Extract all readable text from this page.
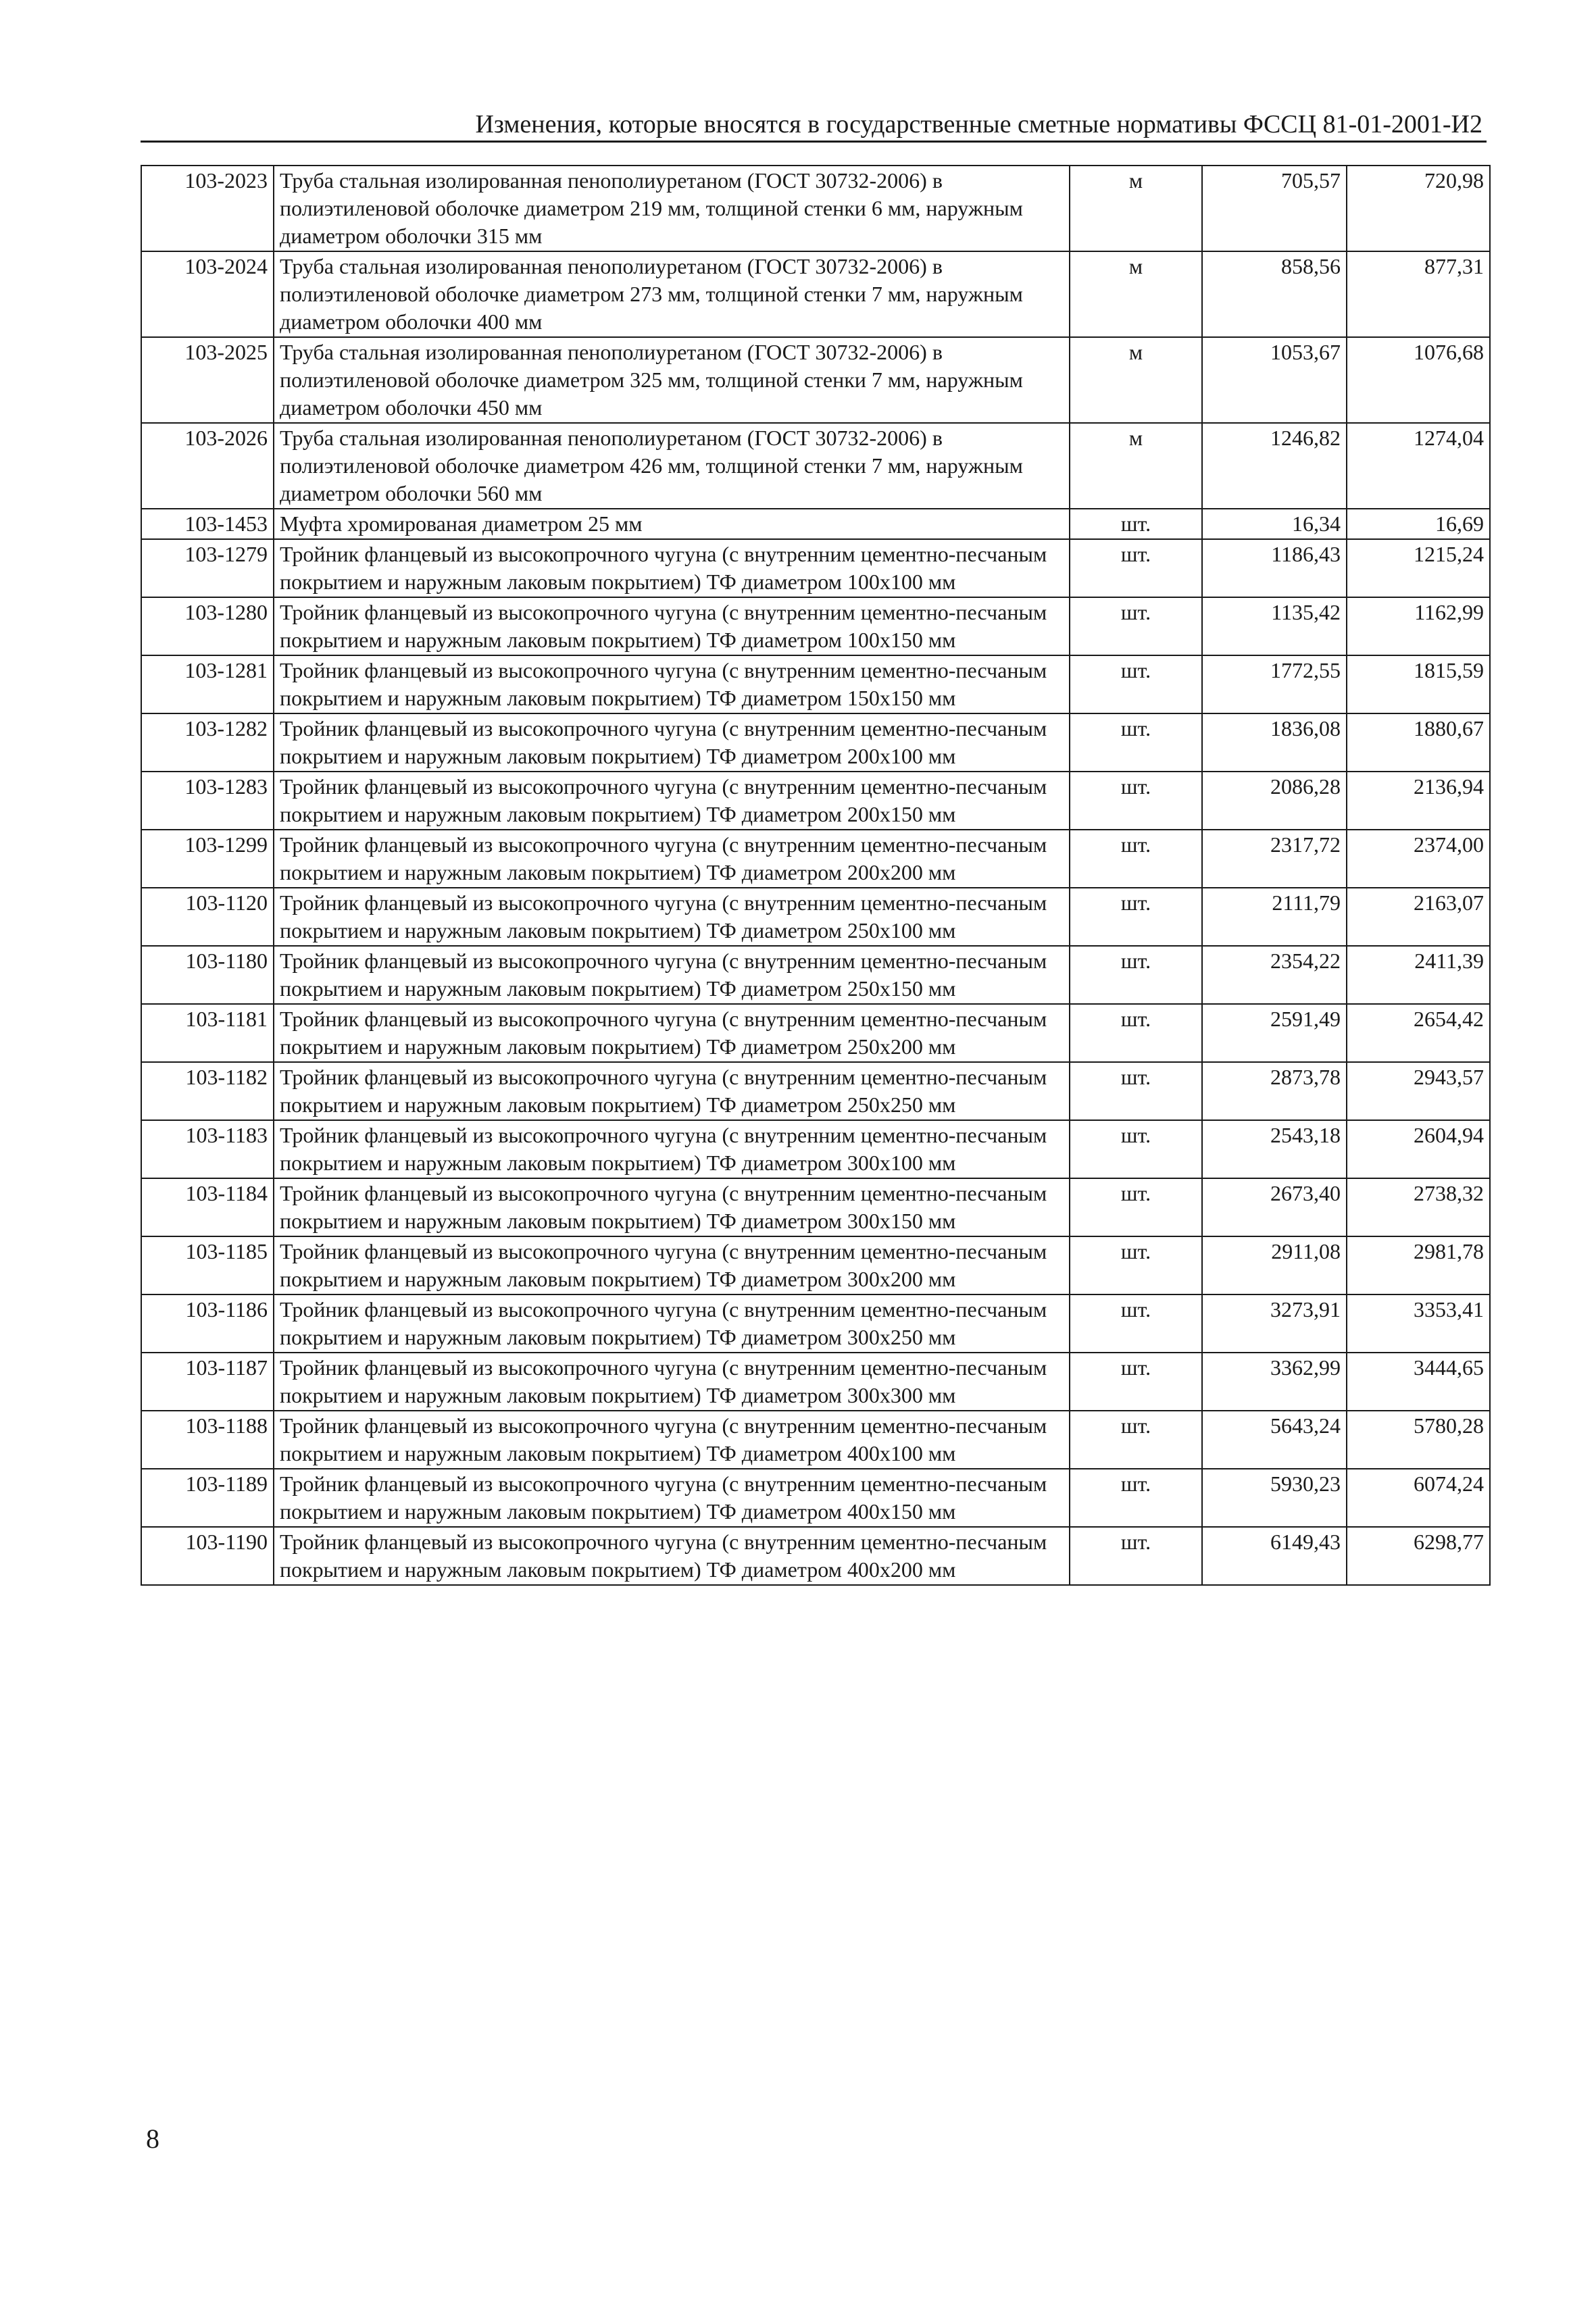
Изменения, которые вносятся в государственные сметные нормативы ФССЦ 81-01-2001-И2
103-2023	Труба стальная изолированная пенополиуретаном (ГОСТ 30732-2006) в полиэтиленовой оболочке диаметром 219 мм, толщиной стенки 6 мм, наружным диаметром оболочки 315 мм	м	705,57	720,98
103-2024	Труба стальная изолированная пенополиуретаном (ГОСТ 30732-2006) в полиэтиленовой оболочке диаметром 273 мм, толщиной стенки 7 мм, наружным диаметром оболочки 400 мм	м	858,56	877,31
103-2025	Труба стальная изолированная пенополиуретаном (ГОСТ 30732-2006) в полиэтиленовой оболочке диаметром 325 мм, толщиной стенки 7 мм, наружным диаметром оболочки 450 мм	м	1053,67	1076,68
103-2026	Труба стальная изолированная пенополиуретаном (ГОСТ 30732-2006) в полиэтиленовой оболочке диаметром 426 мм, толщиной стенки 7 мм, наружным диаметром оболочки 560 мм	м	1246,82	1274,04
103-1453	Муфта хромированая диаметром 25 мм	шт.	16,34	16,69
103-1279	Тройник фланцевый из высокопрочного чугуна (с внутренним цементно-песчаным покрытием и наружным лаковым покрытием) ТФ диаметром 100x100 мм	шт.	1186,43	1215,24
103-1280	Тройник фланцевый из высокопрочного чугуна (с внутренним цементно-песчаным покрытием и наружным лаковым покрытием) ТФ диаметром 100x150 мм	шт.	1135,42	1162,99
103-1281	Тройник фланцевый из высокопрочного чугуна (с внутренним цементно-песчаным покрытием и наружным лаковым покрытием) ТФ диаметром 150x150 мм	шт.	1772,55	1815,59
103-1282	Тройник фланцевый из высокопрочного чугуна (с внутренним цементно-песчаным покрытием и наружным лаковым покрытием) ТФ диаметром 200x100 мм	шт.	1836,08	1880,67
103-1283	Тройник фланцевый из высокопрочного чугуна (с внутренним цементно-песчаным покрытием и наружным лаковым покрытием) ТФ диаметром 200x150 мм	шт.	2086,28	2136,94
103-1299	Тройник фланцевый из высокопрочного чугуна (с внутренним цементно-песчаным покрытием и наружным лаковым покрытием) ТФ диаметром 200x200 мм	шт.	2317,72	2374,00
103-1120	Тройник фланцевый из высокопрочного чугуна (с внутренним цементно-песчаным покрытием и наружным лаковым покрытием) ТФ диаметром 250x100 мм	шт.	2111,79	2163,07
103-1180	Тройник фланцевый из высокопрочного чугуна (с внутренним цементно-песчаным покрытием и наружным лаковым покрытием) ТФ диаметром 250x150 мм	шт.	2354,22	2411,39
103-1181	Тройник фланцевый из высокопрочного чугуна (с внутренним цементно-песчаным покрытием и наружным лаковым покрытием) ТФ диаметром 250x200 мм	шт.	2591,49	2654,42
103-1182	Тройник фланцевый из высокопрочного чугуна (с внутренним цементно-песчаным покрытием и наружным лаковым покрытием) ТФ диаметром 250x250 мм	шт.	2873,78	2943,57
103-1183	Тройник фланцевый из высокопрочного чугуна (с внутренним цементно-песчаным покрытием и наружным лаковым покрытием) ТФ диаметром 300x100 мм	шт.	2543,18	2604,94
103-1184	Тройник фланцевый из высокопрочного чугуна (с внутренним цементно-песчаным покрытием и наружным лаковым покрытием) ТФ диаметром 300x150 мм	шт.	2673,40	2738,32
103-1185	Тройник фланцевый из высокопрочного чугуна (с внутренним цементно-песчаным покрытием и наружным лаковым покрытием) ТФ диаметром 300x200 мм	шт.	2911,08	2981,78
103-1186	Тройник фланцевый из высокопрочного чугуна (с внутренним цементно-песчаным покрытием и наружным лаковым покрытием) ТФ диаметром 300x250 мм	шт.	3273,91	3353,41
103-1187	Тройник фланцевый из высокопрочного чугуна (с внутренним цементно-песчаным покрытием и наружным лаковым покрытием) ТФ диаметром 300x300 мм	шт.	3362,99	3444,65
103-1188	Тройник фланцевый из высокопрочного чугуна (с внутренним цементно-песчаным покрытием и наружным лаковым покрытием) ТФ диаметром 400x100 мм	шт.	5643,24	5780,28
103-1189	Тройник фланцевый из высокопрочного чугуна (с внутренним цементно-песчаным покрытием и наружным лаковым покрытием) ТФ диаметром 400x150 мм	шт.	5930,23	6074,24
103-1190	Тройник фланцевый из высокопрочного чугуна (с внутренним цементно-песчаным покрытием и наружным лаковым покрытием) ТФ диаметром 400x200 мм	шт.	6149,43	6298,77
8
